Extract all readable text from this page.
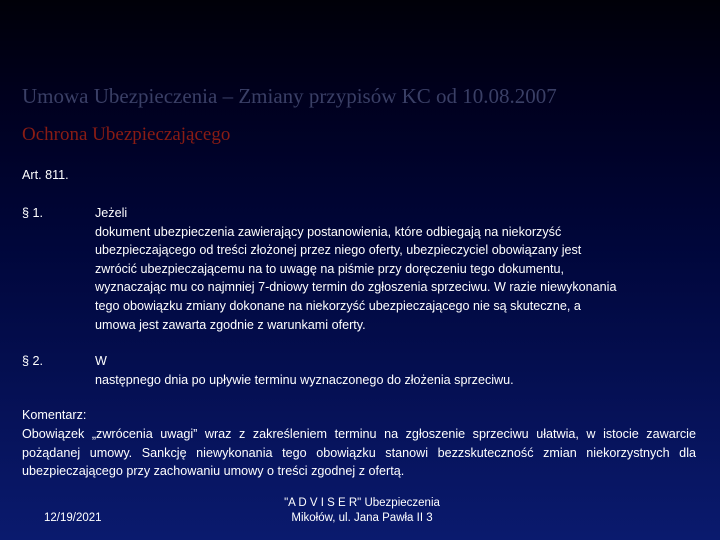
Umowa Ubezpieczenia – Zmiany przypisów KC od 10.08.2007
Ochrona Ubezpieczającego
Art. 811.
§ 1.	Jeżeli
dokument ubezpieczenia zawierający postanowienia, które odbiegają na niekorzyść
ubezpieczającego od treści złożonej przez niego oferty, ubezpieczyciel obowiązany jest
zwrócić ubezpieczającemu na to uwagę na piśmie przy doręczeniu tego dokumentu,
wyznaczając mu co najmniej 7-dniowy termin do zgłoszenia sprzeciwu. W razie niewykonania
tego obowiązku zmiany dokonane na niekorzyść ubezpieczającego nie są skuteczne, a
umowa jest zawarta zgodnie z warunkami oferty.
§ 2.	W
następnego dnia po upływie terminu wyznaczonego do złożenia sprzeciwu.
Komentarz:
Obowiązek „zwrócenia uwagi” wraz z zakreśleniem terminu na zgłoszenie sprzeciwu ułatwia, w istocie zawarcie pożądanej umowy. Sankcję niewykonania tego obowiązku stanowi bezzskuteczność zmian niekorzystnych dla ubezpieczającego przy zachowaniu umowy o treści zgodnej z ofertą.
12/19/2021
"A D V I S E R" Ubezpieczenia
Mikołów, ul. Jana Pawła II 3
